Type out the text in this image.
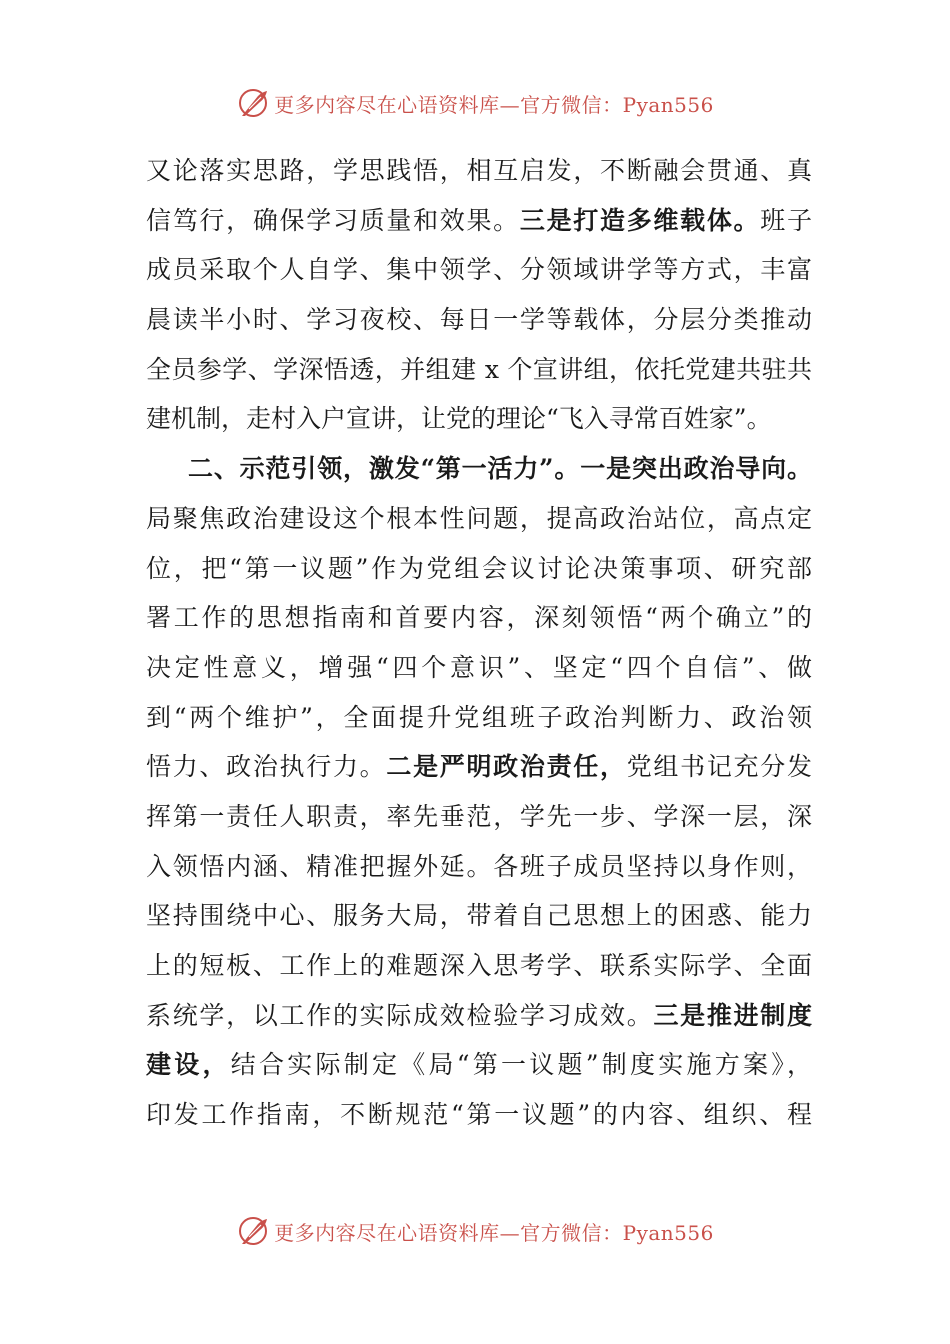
更多内容尽在心语资料库—官方微信：Pyan556
又论落实思路，学思践悟，相互启发，不断融会贯通、真
信笃行，确保学习质量和效果。三是打造多维载体。班子
成员采取个人自学、集中领学、分领域讲学等方式，丰富
晨读半小时、学习夜校、每日一学等载体，分层分类推动
全员参学、学深悟透，并组建 x 个宣讲组，依托党建共驻共
建机制，走村入户宣讲，让党的理论“飞入寻常百姓家”。
二、示范引领，激发“第一活力”。一是突出政治导向。
局聚焦政治建设这个根本性问题，提高政治站位，高点定
位，把“第一议题”作为党组会议讨论决策事项、研究部
署工作的思想指南和首要内容，深刻领悟“两个确立”的
决定性意义，增强“四个意识”、坚定“四个自信”、做
到“两个维护”，全面提升党组班子政治判断力、政治领
悟力、政治执行力。二是严明政治责任，党组书记充分发
挥第一责任人职责，率先垂范，学先一步、学深一层，深
入领悟内涵、精准把握外延。各班子成员坚持以身作则，
坚持围绕中心、服务大局，带着自己思想上的困惑、能力
上的短板、工作上的难题深入思考学、联系实际学、全面
系统学，以工作的实际成效检验学习成效。三是推进制度
建设，结合实际制定《局“第一议题”制度实施方案》，
印发工作指南，不断规范“第一议题”的内容、组织、程
更多内容尽在心语资料库—官方微信：Pyan556
